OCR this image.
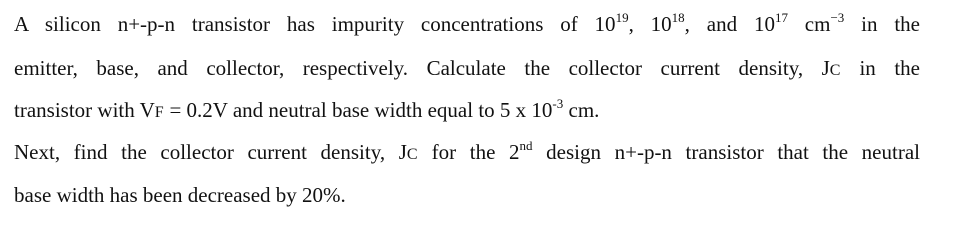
A silicon n+-p-n transistor has impurity concentrations of $10^{19}$, $10^{18}$, and $10^{17}$ $cm^{-3}$ in the
emitter, base, and collector, respectively. Calculate the collector current density, JC in the
transistor with VF = 0.2V and neutral base width equal to 5 x $10^{-3}$ cm.
Next, find the collector current density, JC for the 2nd design n+-p-n transistor that the neutral
base width has been decreased by 20%.
